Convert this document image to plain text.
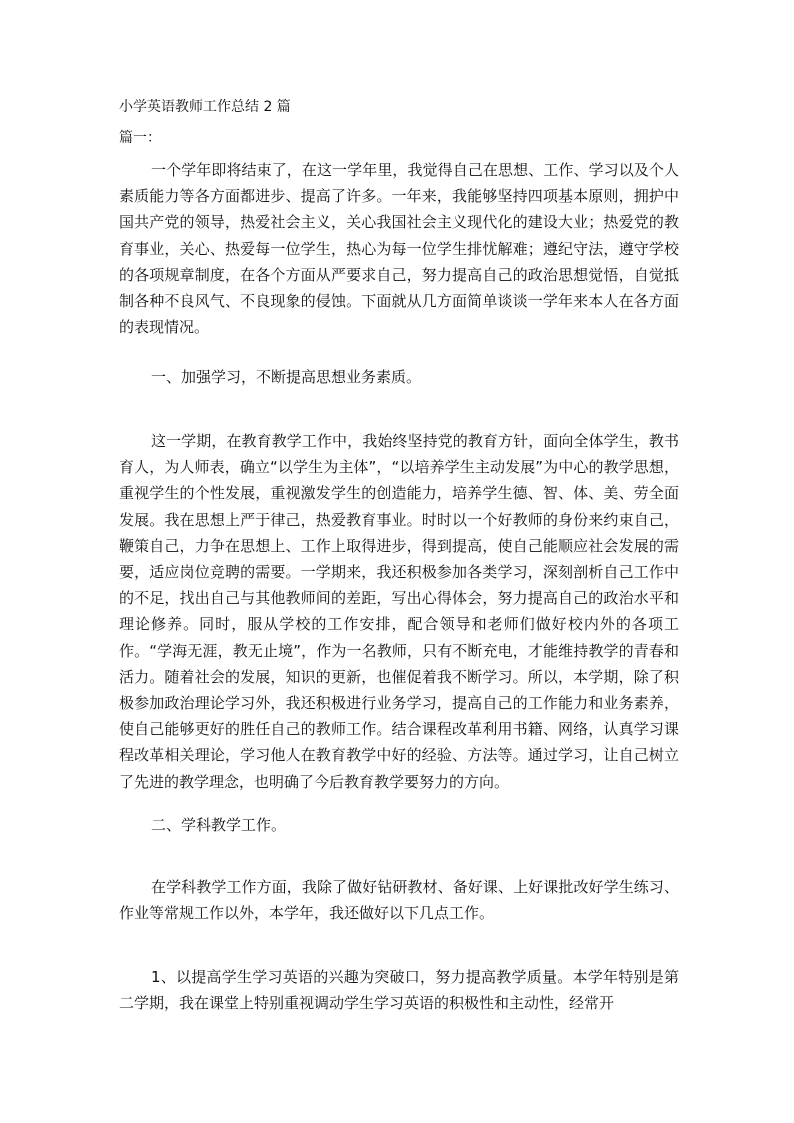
小学英语教师工作总结 2 篇
篇一：

一个学年即将结束了，在这一学年里，我觉得自己在思想、工作、学习以及个人素质能力等各方面都进步、提高了许多。一年来，我能够坚持四项基本原则，拥护中国共产党的领导，热爱社会主义，关心我国社会主义现代化的建设大业；热爱党的教育事业，关心、热爱每一位学生，热心为每一位学生排忧解难；遵纪守法，遵守学校的各项规章制度，在各个方面从严要求自己，努力提高自己的政治思想觉悟，自觉抵制各种不良风气、不良现象的侵蚀。下面就从几方面简单谈谈一学年来本人在各方面的表现情况。

一、加强学习，不断提高思想业务素质。

这一学期，在教育教学工作中，我始终坚持党的教育方针，面向全体学生，教书育人，为人师表，确立“以学生为主体”，“以培养学生主动发展”为中心的教学思想，重视学生的个性发展，重视激发学生的创造能力，培养学生德、智、体、美、劳全面发展。我在思想上严于律己，热爱教育事业。时时以一个好教师的身份来约束自己，鞭策自己，力争在思想上、工作上取得进步，得到提高，使自己能顺应社会发展的需要，适应岗位竞聘的需要。一学期来，我还积极参加各类学习，深刻剖析自己工作中的不足，找出自己与其他教师间的差距，写出心得体会，努力提高自己的政治水平和理论修养。同时，服从学校的工作安排，配合领导和老师们做好校内外的各项工作。“学海无涯，教无止境”，作为一名教师，只有不断充电，才能维持教学的青春和活力。随着社会的发展，知识的更新，也催促着我不断学习。所以，本学期，除了积极参加政治理论学习外，我还积极进行业务学习，提高自己的工作能力和业务素养，使自己能够更好的胜任自己的教师工作。结合课程改革利用书籍、网络，认真学习课程改革相关理论，学习他人在教育教学中好的经验、方法等。通过学习，让自己树立了先进的教学理念，也明确了今后教育教学要努力的方向。

二、学科教学工作。

在学科教学工作方面，我除了做好钻研教材、备好课、上好课批改好学生练习、作业等常规工作以外，本学年，我还做好以下几点工作。

1、以提高学生学习英语的兴趣为突破口，努力提高教学质量。本学年特别是第二学期，我在课堂上特别重视调动学生学习英语的积极性和主动性，经常开
